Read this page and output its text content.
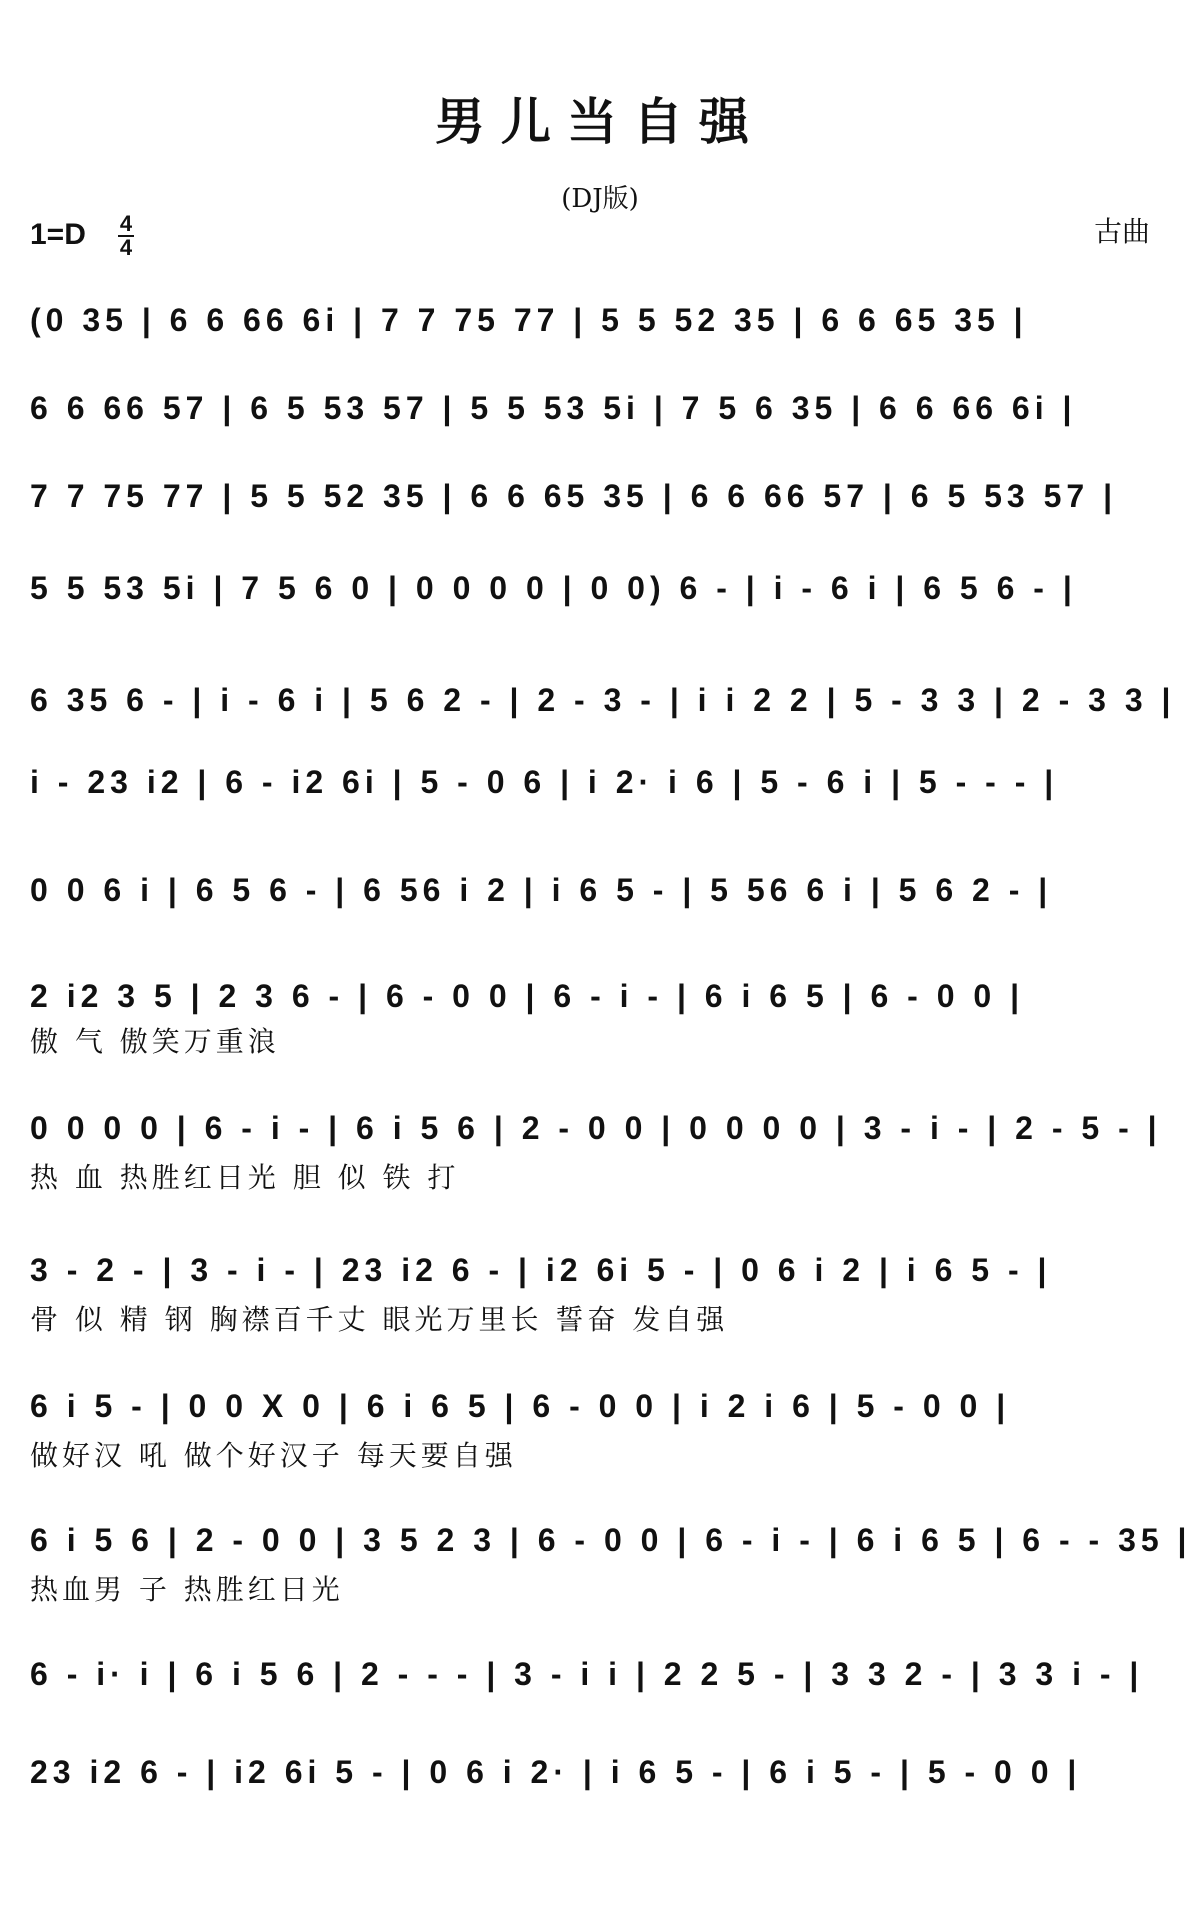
男儿当自强
(DJ版)
古曲
1=D 4
4
(0 35 | 6 6 66 6i | 7 7 75 77 | 5 5 52 35 | 6 6 65 35 |
6 6 66 57 | 6 5 53 57 | 5 5 53 5i | 7 5 6 35 | 6 6 66 6i |
7 7 75 77 | 5 5 52 35 | 6 6 65 35 | 6 6 66 57 | 6 5 53 57 |
5 5 53 5i | 7 5 6 0 | 0 0 0 0 | 0 0) 6 - | i - 6 i | 6 5 6 - |
6 35 6 - | i - 6 i | 5 6 2 - | 2 - 3 - | i i 2 2 | 5 - 3 3 | 2 - 3 3 |
i - 23 i2 | 6 - i2 6i | 5 - 0 6 | i 2· i 6 | 5 - 6 i | 5 - - - |
0 0 6 i | 6 5 6 - | 6 56 i 2 | i 6 5 - | 5 56 6 i | 5 6 2 - |
2 i2 3 5 | 2 3 6 - | 6 - 0 0 | 6 - i - | 6 i 6 5 | 6 - 0 0 |
傲 气 傲笑万重浪
0 0 0 0 | 6 - i - | 6 i 5 6 | 2 - 0 0 | 0 0 0 0 | 3 - i - | 2 - 5 - |
热 血 热胜红日光 胆 似 铁 打
3 - 2 - | 3 - i - | 23 i2 6 - | i2 6i 5 - | 0 6 i 2 | i 6 5 - |
骨 似 精 钢 胸襟百千丈 眼光万里长 誓奋 发自强
6 i 5 - | 0 0 X 0 | 6 i 6 5 | 6 - 0 0 | i 2 i 6 | 5 - 0 0 |
做好汉 吼 做个好汉子 每天要自强
6 i 5 6 | 2 - 0 0 | 3 5 2 3 | 6 - 0 0 | 6 - i - | 6 i 6 5 | 6 - - 35 |
热血男 子 热胜红日光
6 - i· i | 6 i 5 6 | 2 - - - | 3 - i i | 2 2 5 - | 3 3 2 - | 3 3 i - |
23 i2 6 - | i2 6i 5 - | 0 6 i 2· | i 6 5 - | 6 i 5 - | 5 - 0 0 |
